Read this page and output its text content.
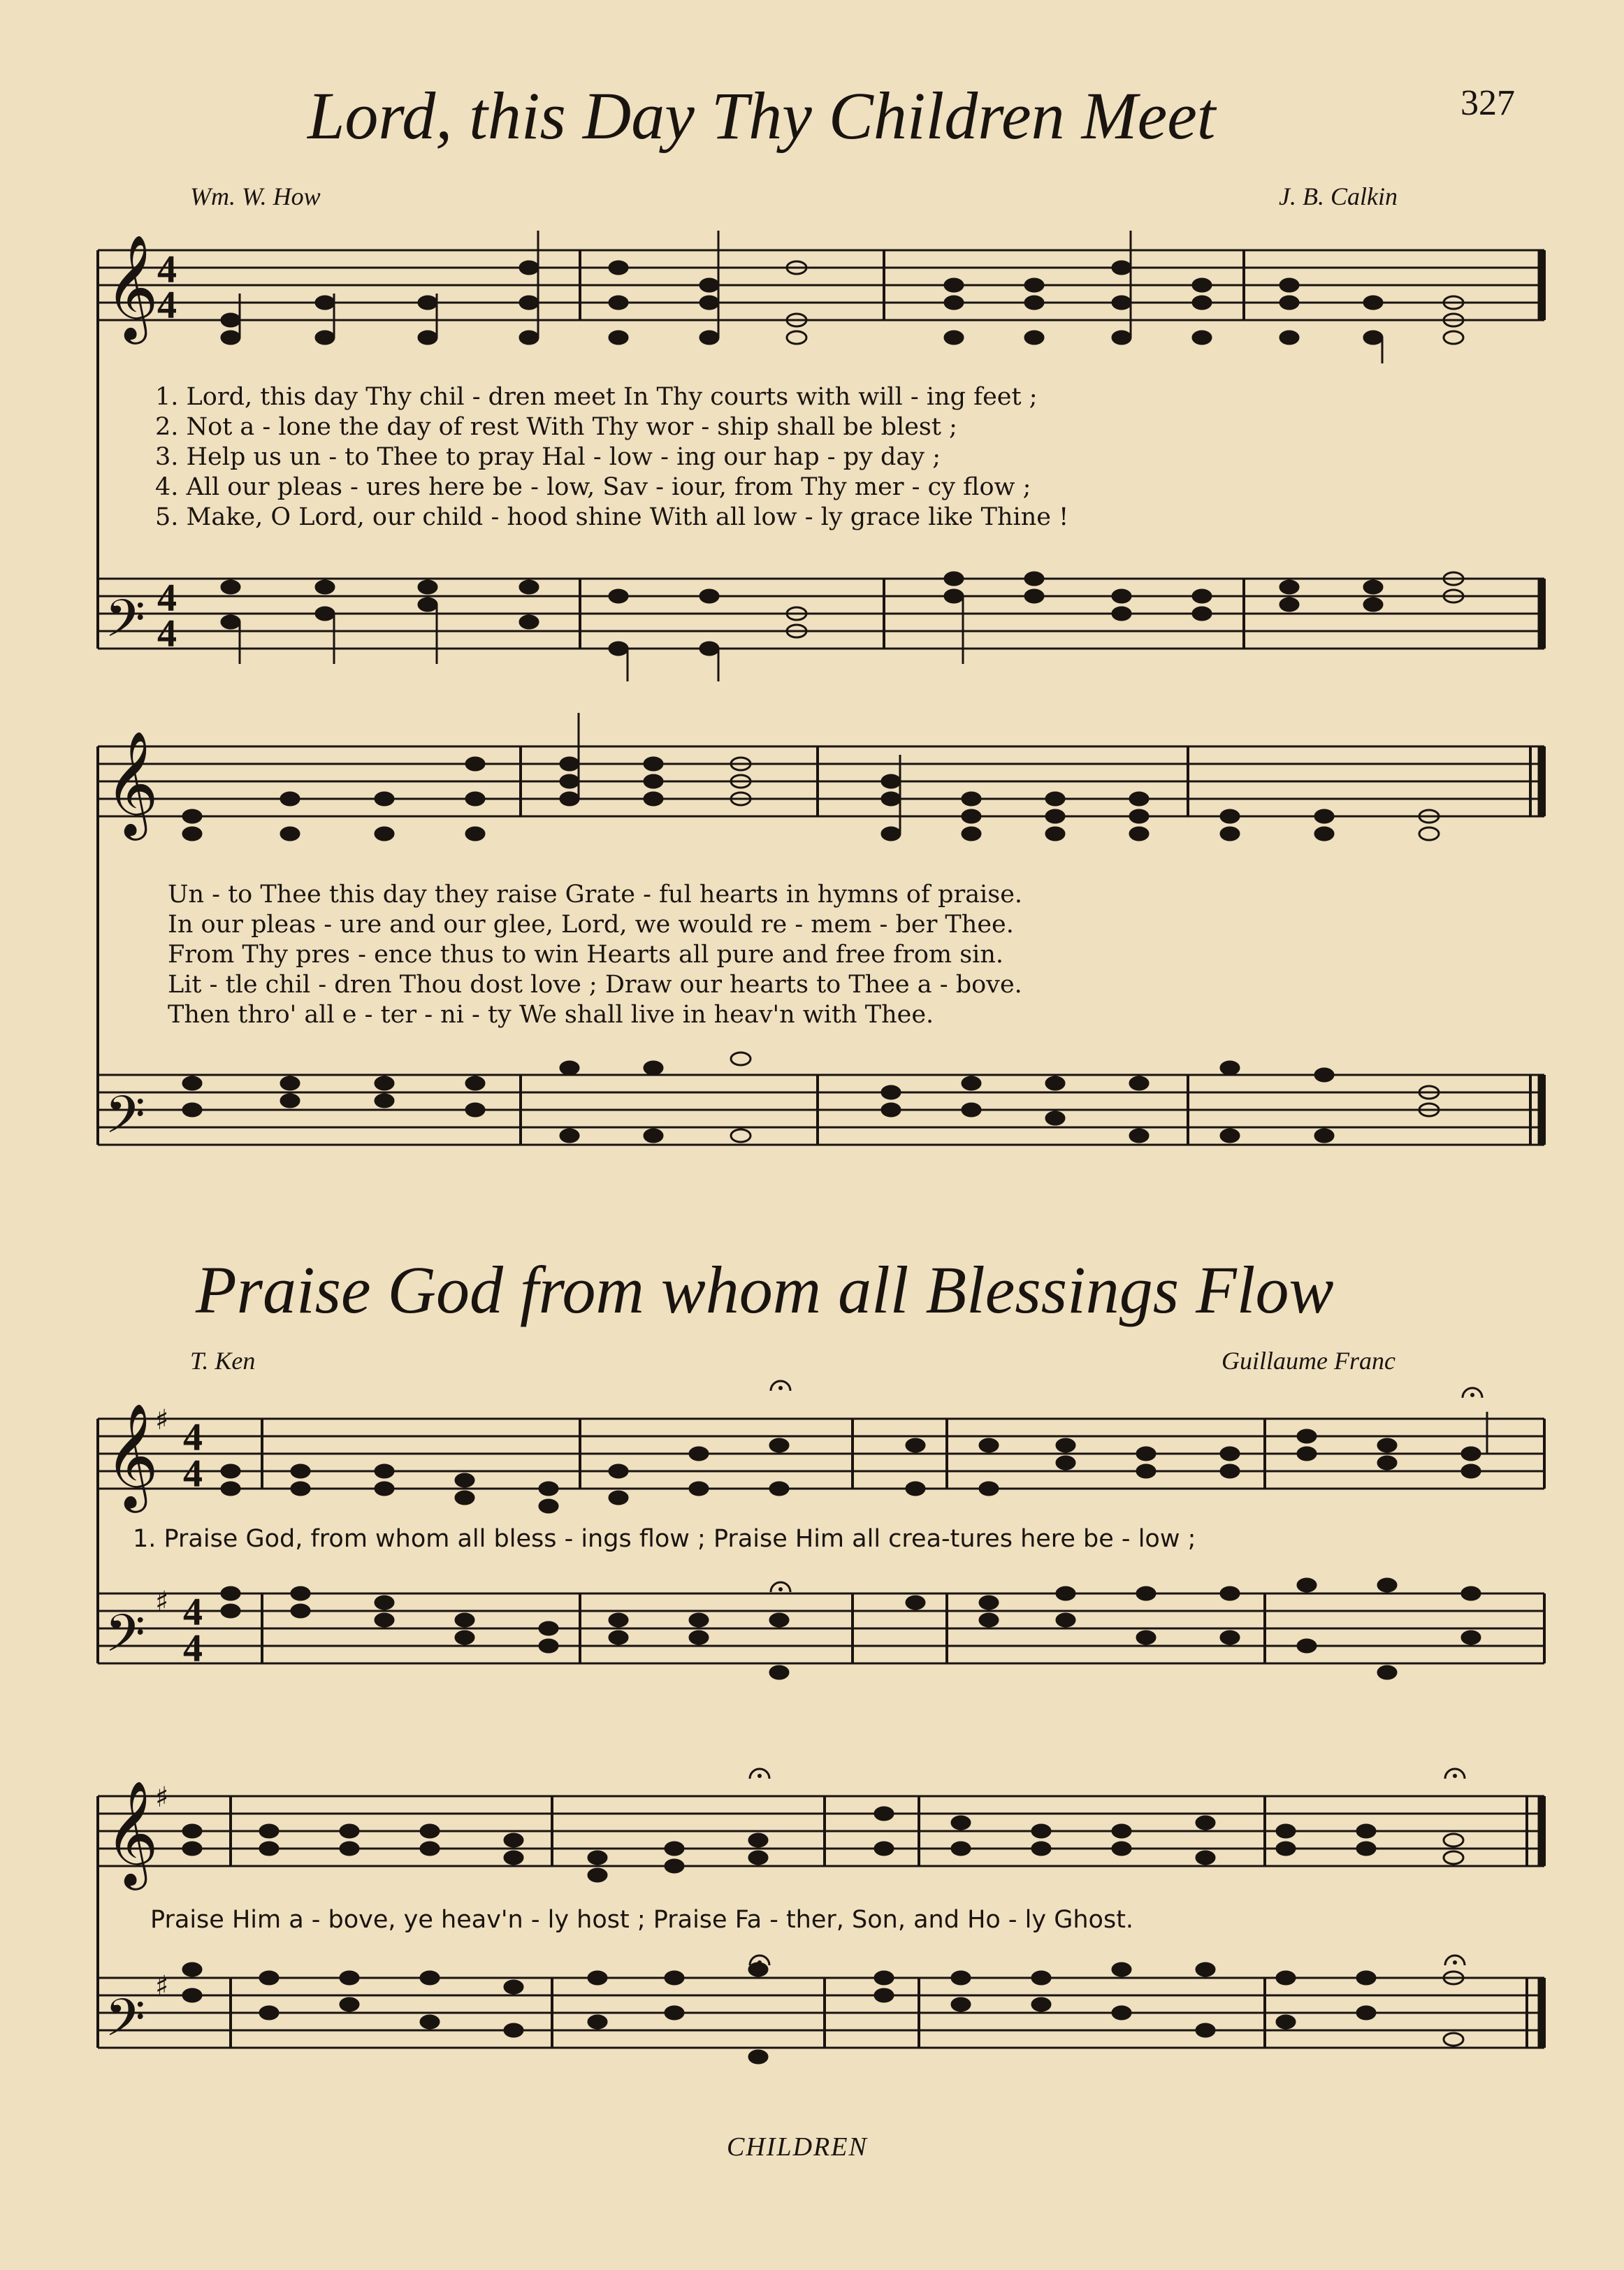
Lord, this Day Thy Children Meet	327
Wm. W. How	J. B. Calkin
𝄞
𝄢
𝄞
𝄢
𝄞
𝄢
𝄞
𝄢
4
4
4
4
4
4
4
4
♯
♯
♯
♯
1. Lord, this day Thy chil - dren meet In Thy courts with will - ing feet ;
2. Not a - lone the day of rest With Thy wor - ship shall be blest ;
3. Help us un - to Thee to pray Hal - low - ing our hap - py day ;
4. All our pleas - ures here be - low, Sav - iour, from Thy mer - cy flow ;
5. Make, O Lord, our child - hood shine With all low - ly grace like Thine !
Un - to Thee this day they raise Grate - ful hearts in hymns of praise.
In our pleas - ure and our glee, Lord, we would re - mem - ber Thee.
From Thy pres - ence thus to win Hearts all pure and free from sin.
Lit - tle chil - dren Thou dost love ; Draw our hearts to Thee a - bove.
Then thro' all e - ter - ni - ty We shall live in heav'n with Thee.
Praise God from whom all Blessings Flow
T. Ken	Guillaume Franc
1. Praise God, from whom all bless - ings flow ; Praise Him all crea-tures here be - low ;
Praise Him a - bove, ye heav'n - ly host ; Praise Fa - ther, Son, and Ho - ly Ghost.
CHILDREN
